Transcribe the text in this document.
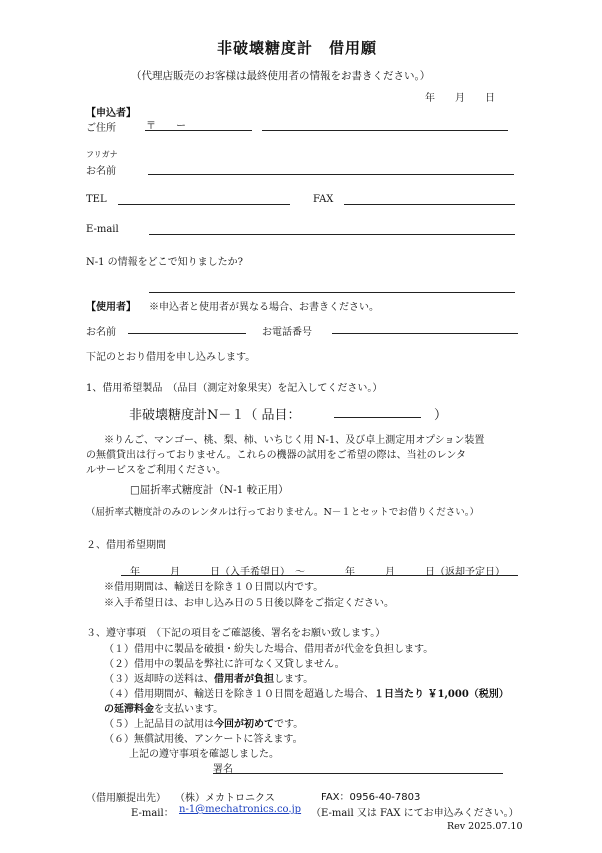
非破壊糖度計　借用願
（代理店販売のお客様は最終使用者の情報をお書きください。）
年　　月　　日
【申込者】
ご住所	〒　　ー
フリガナ
お名前
TEL	FAX
E-mail
N-1 の情報をどこで知りましたか?
【使用者】 ※申込者と使用者が異なる場合、お書きください。
お名前	お電話番号
下記のとおり借用を申し込みします。
1、借用希望製品　（品目（測定対象果実）を記入してください。）
非破壊糖度計N－１（ 品目：	）
※りんご、マンゴー、桃、梨、柿、いちじく用 N-1、及び卓上測定用オプション装置
の無償貸出は行っておりません。これらの機器の試用をご希望の際は、当社のレンタ
ルサービスをご利用ください。
□屈折率式糖度計（N-1 較正用）
（屈折率式糖度計のみのレンタルは行っておりません。N－１とセットでお借りください。）
２、借用希望期間
年　　　月　　　日（入手希望日）　～　　　　年　　　月　　　日（返却予定日）
※借用期間は、輸送日を除き１０日間以内です。
※入手希望日は、お申し込み日の５日後以降をご指定ください。
３、遵守事項　（下記の項目をご確認後、署名をお願い致します。）
（１）借用中に製品を破損・紛失した場合、借用者が代金を負担します。
（２）借用中の製品を弊社に許可なく又貸しません。
（３）返却時の送料は、借用者が負担します。
（４）借用期間が、輸送日を除き１０日間を超過した場合、１日当たり ￥1,000（税別）
の延滞料金を支払います。
（５）上記品目の試用は今回が初めてです。
（６）無償試用後、アンケートに答えます。
上記の遵守事項を確認しました。
署名
（借用願提出先） （株）メカトロニクス	FAX：0956-40-7803
E-mail： n-1@mechatronics.co.jp （E-mail 又は FAX にてお申込みください。）
Rev 2025.07.10
